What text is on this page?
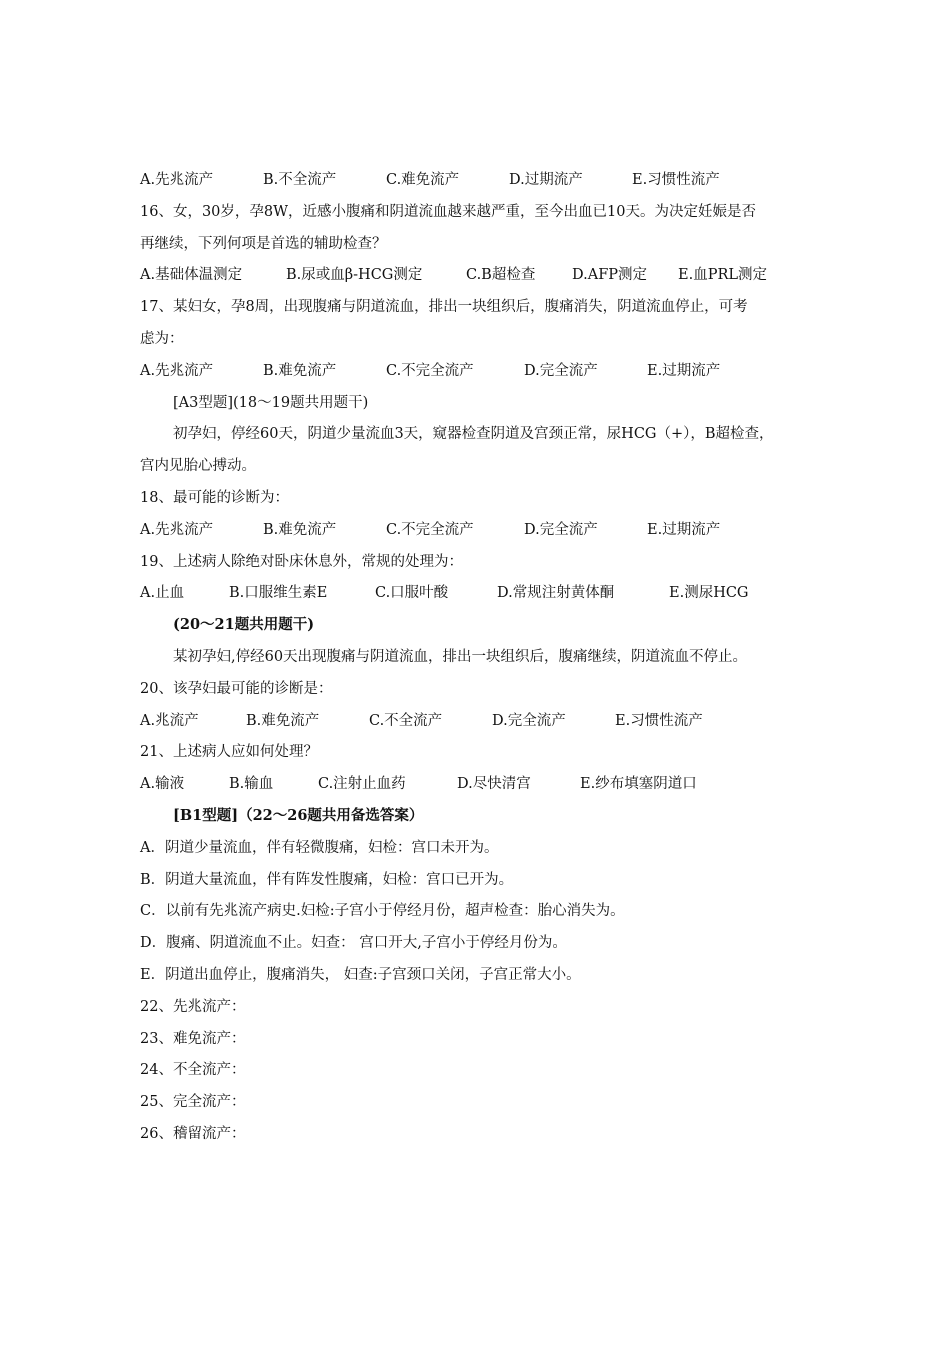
A.先兆流产	B.不全流产	C.难免流产	D.过期流产	E.习惯性流产
16、女，30岁，孕8W，近感小腹痛和阴道流血越来越严重，至今出血已10天。为决定妊娠是否
再继续，下列何项是首选的辅助检查？
A.基础体温测定	B.尿或血β-HCG测定	C.B超检查	D.AFP测定	E.血PRL测定
17、某妇女，孕8周，出现腹痛与阴道流血，排出一块组织后，腹痛消失，阴道流血停止，可考
虑为：
A.先兆流产	B.难免流产	C.不完全流产	D.完全流产	E.过期流产
[A3型题](18～19题共用题干)
初孕妇，停经60天，阴道少量流血3天，窥器检查阴道及宫颈正常，尿HCG（+），B超检查，
宫内见胎心搏动。
18、最可能的诊断为：
A.先兆流产	B.难免流产	C.不完全流产	D.完全流产	E.过期流产
19、上述病人除绝对卧床休息外，常规的处理为：
A.止血	B.口服维生素E	C.口服叶酸	D.常规注射黄体酮	E.测尿HCG
(20～21题共用题干)
某初孕妇,停经60天出现腹痛与阴道流血，排出一块组织后，腹痛继续，阴道流血不停止。
20、该孕妇最可能的诊断是：
A.兆流产	B.难免流产	C.不全流产	D.完全流产	E.习惯性流产
21、上述病人应如何处理？
A.输液	B.输血	C.注射止血药	D.尽快清宫	E.纱布填塞阴道口
[B1型题]（22～26题共用备选答案）
A．阴道少量流血，伴有轻微腹痛，妇检：宫口未开为。
B．阴道大量流血，伴有阵发性腹痛，妇检：宫口已开为。
C．以前有先兆流产病史.妇检:子宫小于停经月份，超声检查：胎心消失为。
D．腹痛、阴道流血不止。妇查： 宫口开大,子宫小于停经月份为。
E．阴道出血停止，腹痛消失， 妇查:子宫颈口关闭，子宫正常大小。
22、先兆流产：
23、难免流产：
24、不全流产：
25、完全流产：
26、稽留流产：
